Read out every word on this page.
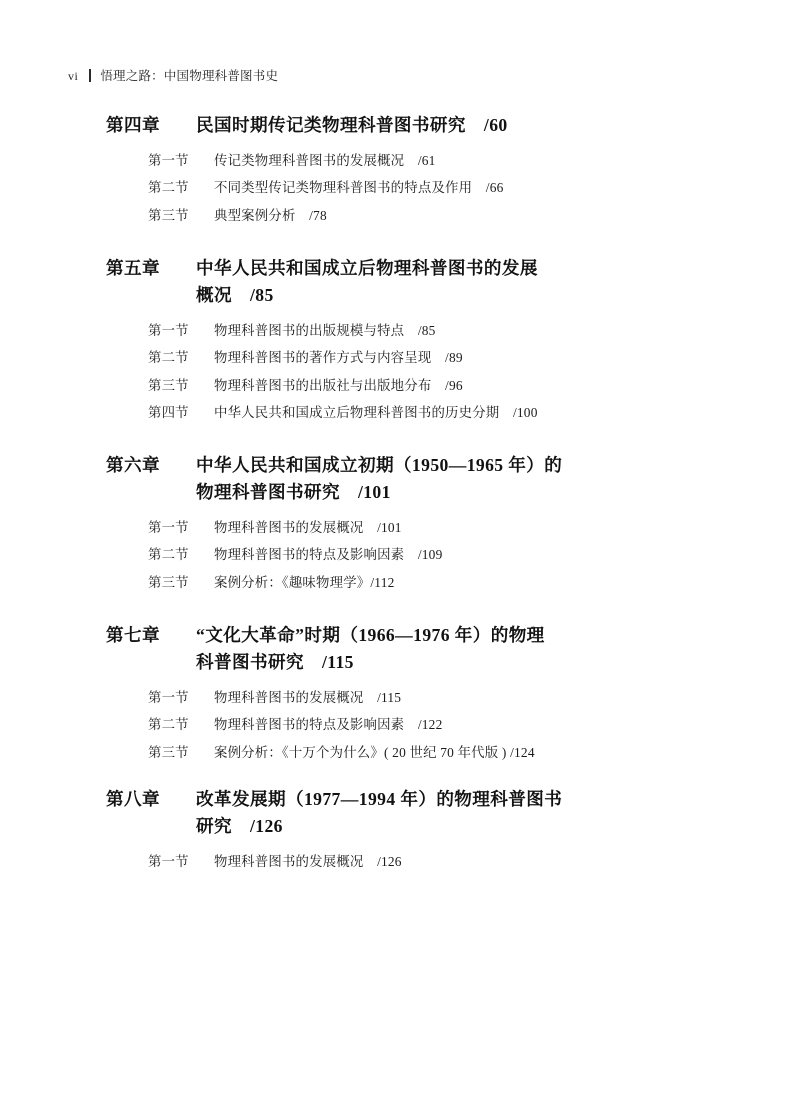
vi 悟理之路：中国物理科普图书史
第四章	民国时期传记类物理科普图书研究　/60
第一节	传记类物理科普图书的发展概况　/61
第二节	不同类型传记类物理科普图书的特点及作用　/66
第三节	典型案例分析　/78
第五章	中华人民共和国成立后物理科普图书的发展
概况　/85
第一节	物理科普图书的出版规模与特点　/85
第二节	物理科普图书的著作方式与内容呈现　/89
第三节	物理科普图书的出版社与出版地分布　/96
第四节	中华人民共和国成立后物理科普图书的历史分期　/100
第六章	中华人民共和国成立初期（1950—1965 年）的
物理科普图书研究　/101
第一节	物理科普图书的发展概况　/101
第二节	物理科普图书的特点及影响因素　/109
第三节	案例分析：《趣味物理学》/112
第七章	“文化大革命”时期（1966—1976 年）的物理
科普图书研究　/115
第一节	物理科普图书的发展概况　/115
第二节	物理科普图书的特点及影响因素　/122
第三节	案例分析：《十万个为什么》( 20 世纪 70 年代版 ) /124
第八章	改革发展期（1977—1994 年）的物理科普图书
研究　/126
第一节	物理科普图书的发展概况　/126
